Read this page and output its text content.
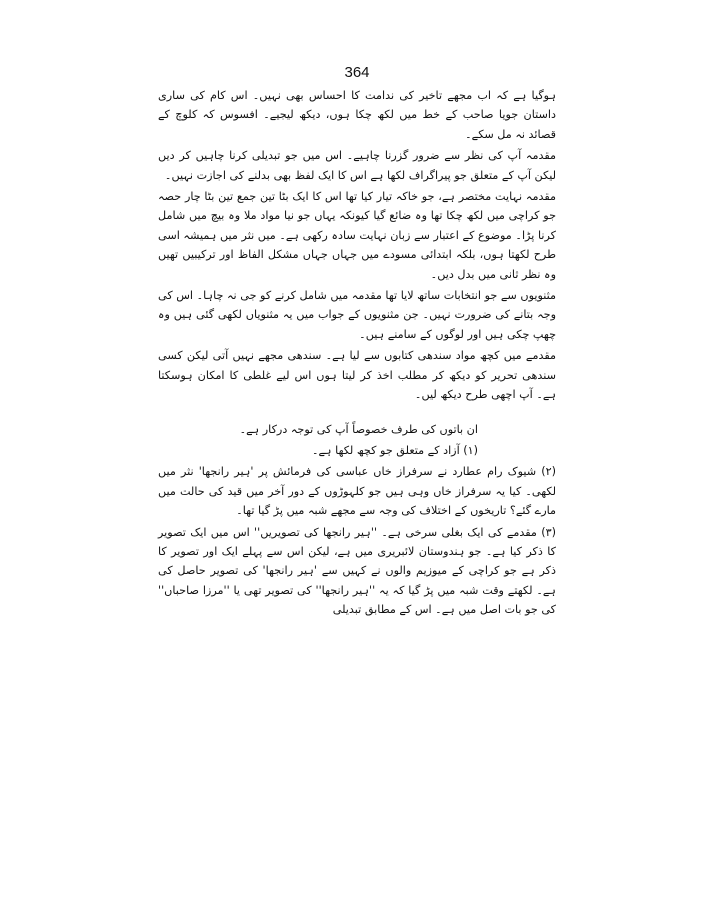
364

ہوگیا ہے کہ اب مجھے تاخیر کی ندامت کا احساس بھی نہیں۔ اس کام کی ساری داستان جویا صاحب کے خط میں لکھ چکا ہوں، دیکھ لیجیے۔ افسوس کہ کلوچ کے قصائد نہ مل سکے۔

مقدمہ آپ کی نظر سے ضرور گزرنا چاہیے۔ اس میں جو تبدیلی کرنا چاہیں کر دیں لیکن آپ کے متعلق جو پیراگراف لکھا ہے اس کا ایک لفظ بھی بدلنے کی اجازت نہیں۔

مقدمہ نہایت مختصر ہے، جو خاکہ تیار کیا تھا اس کا ایک بٹا تین جمع تین بٹا چار حصہ جو کراچی میں لکھ چکا تھا وہ ضائع گیا کیونکہ یہاں جو نیا مواد ملا وہ بیچ میں شامل کرنا پڑا۔ موضوع کے اعتبار سے زبان نہایت سادہ رکھی ہے۔ میں نثر میں ہمیشہ اسی طرح لکھتا ہوں، بلکہ ابتدائی مسودے میں جہاں جہاں مشکل الفاظ اور ترکیبیں تھیں وہ نظر ثانی میں بدل دیں۔

مثنویوں سے جو انتخابات ساتھ لایا تھا مقدمہ میں شامل کرنے کو جی نہ چاہا۔ اس کی وجہ بتانے کی ضرورت نہیں۔ جن مثنویوں کے جواب میں یہ مثنویاں لکھی گئی ہیں وہ چھپ چکی ہیں اور لوگوں کے سامنے ہیں۔

مقدمے میں کچھ مواد سندھی کتابوں سے لیا ہے۔ سندھی مجھے نہیں آتی لیکن کسی سندھی تحریر کو دیکھ کر مطلب اخذ کر لیتا ہوں اس لیے غلطی کا امکان ہوسکتا ہے۔ آپ اچھی طرح دیکھ لیں۔

ان باتوں کی طرف خصوصاً آپ کی توجہ درکار ہے۔

(۱) آزاد کے متعلق جو کچھ لکھا ہے۔

(۲) شیوک رام عطارد نے سرفراز خاں عباسی کی فرمائش پر 'ہیر رانجھا' نثر میں لکھی۔ کیا یہ سرفراز خاں وہی ہیں جو کلہوڑوں کے دور آخر میں قید کی حالت میں مارے گئے؟ تاریخوں کے اختلاف کی وجہ سے مجھے شبہ میں پڑ گیا تھا۔

(۳) مقدمے کی ایک بغلی سرخی ہے۔ ''ہیر رانجھا کی تصویریں'' اس میں ایک تصویر کا ذکر کیا ہے۔ جو ہندوستان لائبریری میں ہے، لیکن اس سے پہلے ایک اور تصویر کا ذکر ہے جو کراچی کے میوزیم والوں نے کہیں سے 'ہیر رانجھا' کی تصویر حاصل کی ہے۔ لکھتے وقت شبہ میں پڑ گیا کہ یہ ''ہیر رانجھا'' کی تصویر تھی یا ''مرزا صاحباں'' کی جو بات اصل میں ہے۔ اس کے مطابق تبدیلی
